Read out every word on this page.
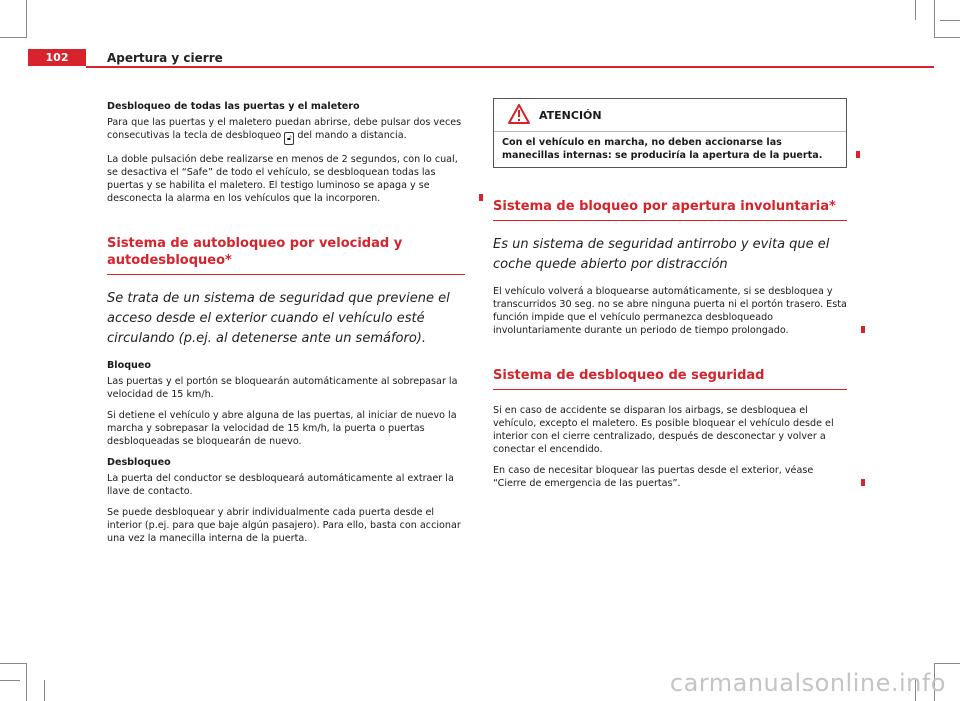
102	Apertura y cierre

Desbloqueo de todas las puertas y el maletero

Para que las puertas y el maletero puedan abrirse, debe pulsar dos veces consecutivas la tecla de desbloqueo 🔓︎ del mando a distancia.

La doble pulsación debe realizarse en menos de 2 segundos, con lo cual, se desactiva el “Safe” de todo el vehículo, se desbloquean todas las puertas y se habilita el maletero. El testigo luminoso se apaga y se desconecta la alarma en los vehículos que la incorporen.

Sistema de autobloqueo por velocidad y autodesbloqueo*

Se trata de un sistema de seguridad que previene el acceso desde el exterior cuando el vehículo esté circulando (p.ej. al detenerse ante un semáforo).

Bloqueo

Las puertas y el portón se bloquearán automáticamente al sobrepasar la velocidad de 15 km/h.

Si detiene el vehículo y abre alguna de las puertas, al iniciar de nuevo la marcha y sobrepasar la velocidad de 15 km/h, la puerta o puertas desbloqueadas se bloquearán de nuevo.

Desbloqueo

La puerta del conductor se desbloqueará automáticamente al extraer la llave de contacto.

Se puede desbloquear y abrir individualmente cada puerta desde el interior (p.ej. para que baje algún pasajero). Para ello, basta con accionar una vez la manecilla interna de la puerta.

ATENCIÓN
Con el vehículo en marcha, no deben accionarse las manecillas internas: se produciría la apertura de la puerta.
Sistema de bloqueo por apertura involuntaria*

Es un sistema de seguridad antirrobo y evita que el coche quede abierto por distracción

El vehículo volverá a bloquearse automáticamente, si se desbloquea y transcurridos 30 seg. no se abre ninguna puerta ni el portón trasero. Esta función impide que el vehículo permanezca desbloqueado involuntariamente durante un periodo de tiempo prolongado.

Sistema de desbloqueo de seguridad

Si en caso de accidente se disparan los airbags, se desbloquea el vehículo, excepto el maletero. Es posible bloquear el vehículo desde el interior con el cierre centralizado, después de desconectar y volver a conectar el encendido.

En caso de necesitar bloquear las puertas desde el exterior, véase “Cierre de emergencia de las puertas”.

carmanualsonline.info
